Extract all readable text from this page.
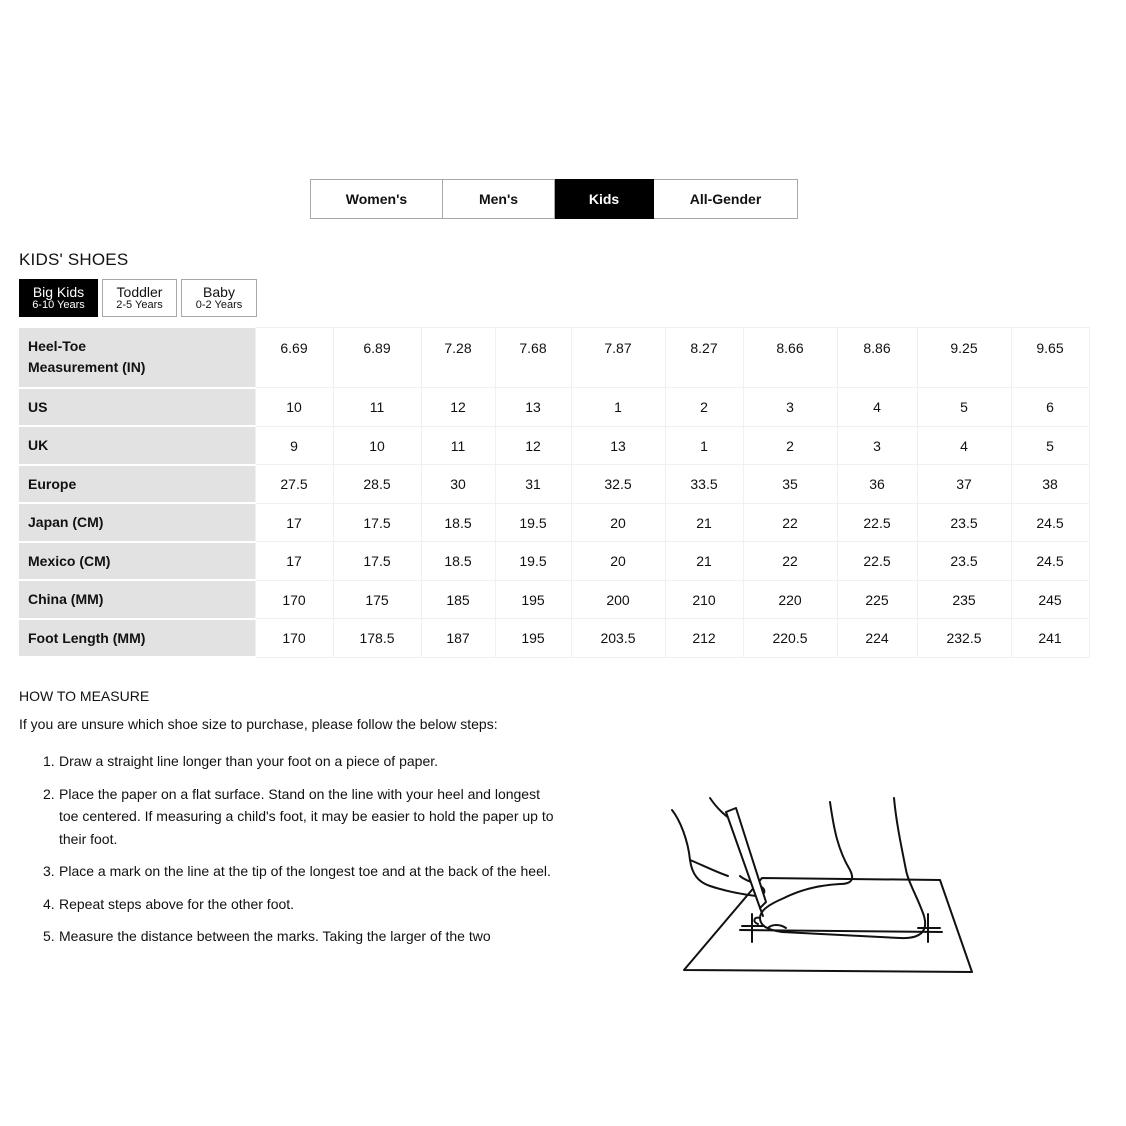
Women's	Men's	Kids	All-Gender
KIDS' SHOES
Big Kids
6-10 Years
Toddler
2-5 Years
Baby
0-2 Years
Heel-Toe
Measurement (IN)	6.69	6.89	7.28	7.68	7.87	8.27	8.66	8.86	9.25	9.65
US	10	11	12	13	1	2	3	4	5	6
UK	9	10	11	12	13	1	2	3	4	5
Europe	27.5	28.5	30	31	32.5	33.5	35	36	37	38
Japan (CM)	17	17.5	18.5	19.5	20	21	22	22.5	23.5	24.5
Mexico (CM)	17	17.5	18.5	19.5	20	21	22	22.5	23.5	24.5
China (MM)	170	175	185	195	200	210	220	225	235	245
Foot Length (MM)	170	178.5	187	195	203.5	212	220.5	224	232.5	241
HOW TO MEASURE
If you are unsure which shoe size to purchase, please follow the below steps:
1. Draw a straight line longer than your foot on a piece of paper.
2. Place the paper on a flat surface. Stand on the line with your heel and longest toe centered. If measuring a child's foot, it may be easier to hold the paper up to their foot.
3. Place a mark on the line at the tip of the longest toe and at the back of the heel.
4. Repeat steps above for the other foot.
5. Measure the distance between the marks. Taking the larger of the two
